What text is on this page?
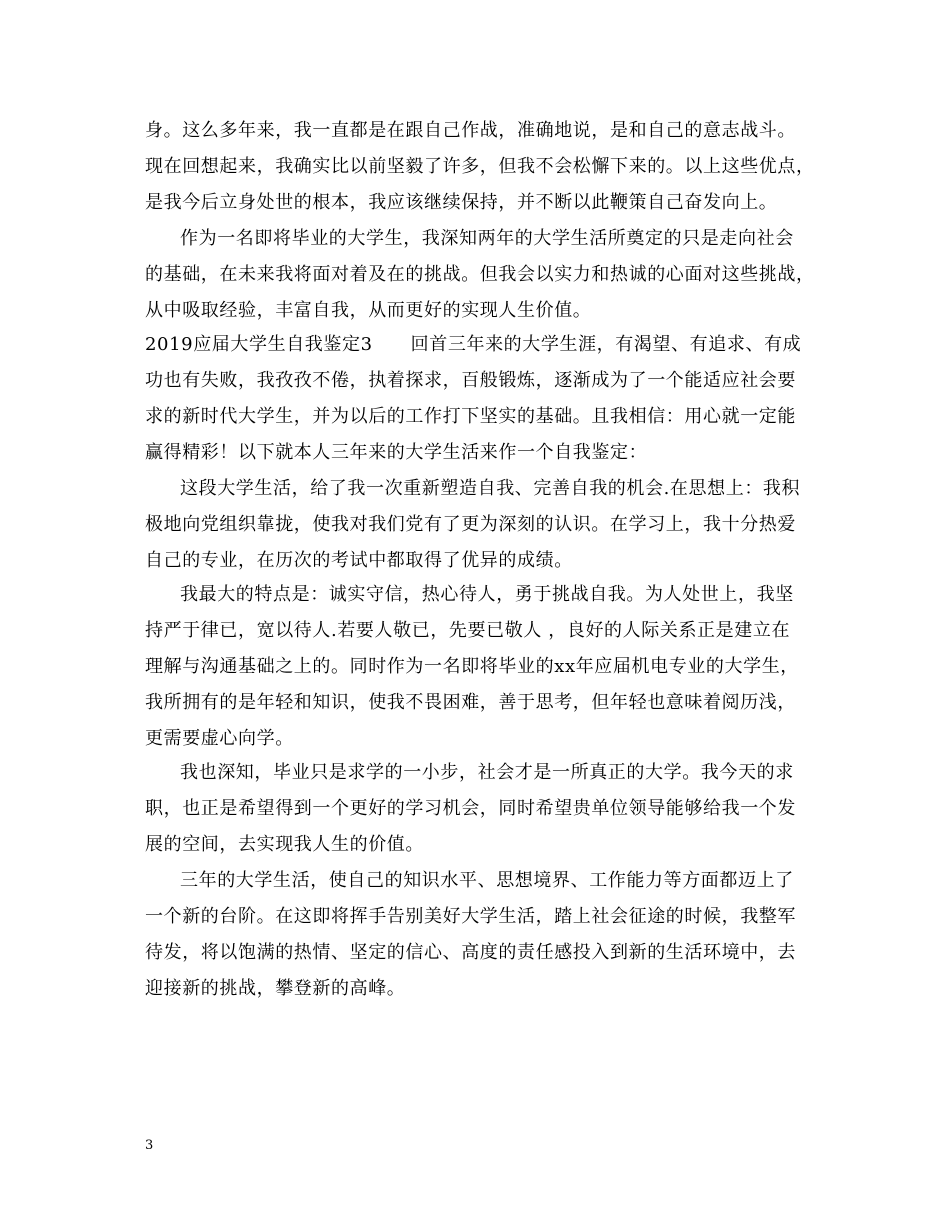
身。这么多年来，我一直都是在跟自己作战，准确地说，是和自己的意志战斗。
现在回想起来，我确实比以前坚毅了许多，但我不会松懈下来的。以上这些优点，
是我今后立身处世的根本，我应该继续保持，并不断以此鞭策自己奋发向上。
作为一名即将毕业的大学生，我深知两年的大学生活所奠定的只是走向社会
的基础，在未来我将面对着及在的挑战。但我会以实力和热诚的心面对这些挑战，
从中吸取经验，丰富自我，从而更好的实现人生价值。
2019应届大学生自我鉴定3 回首三年来的大学生涯，有渴望、有追求、有成
功也有失败，我孜孜不倦，执着探求，百般锻炼，逐渐成为了一个能适应社会要
求的新时代大学生，并为以后的工作打下坚实的基础。且我相信：用心就一定能
赢得精彩！以下就本人三年来的大学生活来作一个自我鉴定：
这段大学生活，给了我一次重新塑造自我、完善自我的机会.在思想上：我积
极地向党组织靠拢，使我对我们党有了更为深刻的认识。在学习上，我十分热爱
自己的专业，在历次的考试中都取得了优异的成绩。
我最大的特点是：诚实守信，热心待人，勇于挑战自我。为人处世上，我坚
持严于律已，宽以待人.若要人敬已，先要已敬人 ，良好的人际关系正是建立在
理解与沟通基础之上的。同时作为一名即将毕业的xx年应届机电专业的大学生，
我所拥有的是年轻和知识，使我不畏困难，善于思考，但年轻也意味着阅历浅，
更需要虚心向学。
我也深知，毕业只是求学的一小步，社会才是一所真正的大学。我今天的求
职，也正是希望得到一个更好的学习机会，同时希望贵单位领导能够给我一个发
展的空间，去实现我人生的价值。
三年的大学生活，使自己的知识水平、思想境界、工作能力等方面都迈上了
一个新的台阶。在这即将挥手告别美好大学生活，踏上社会征途的时候，我整军
待发，将以饱满的热情、坚定的信心、高度的责任感投入到新的生活环境中，去
迎接新的挑战，攀登新的高峰。
3
